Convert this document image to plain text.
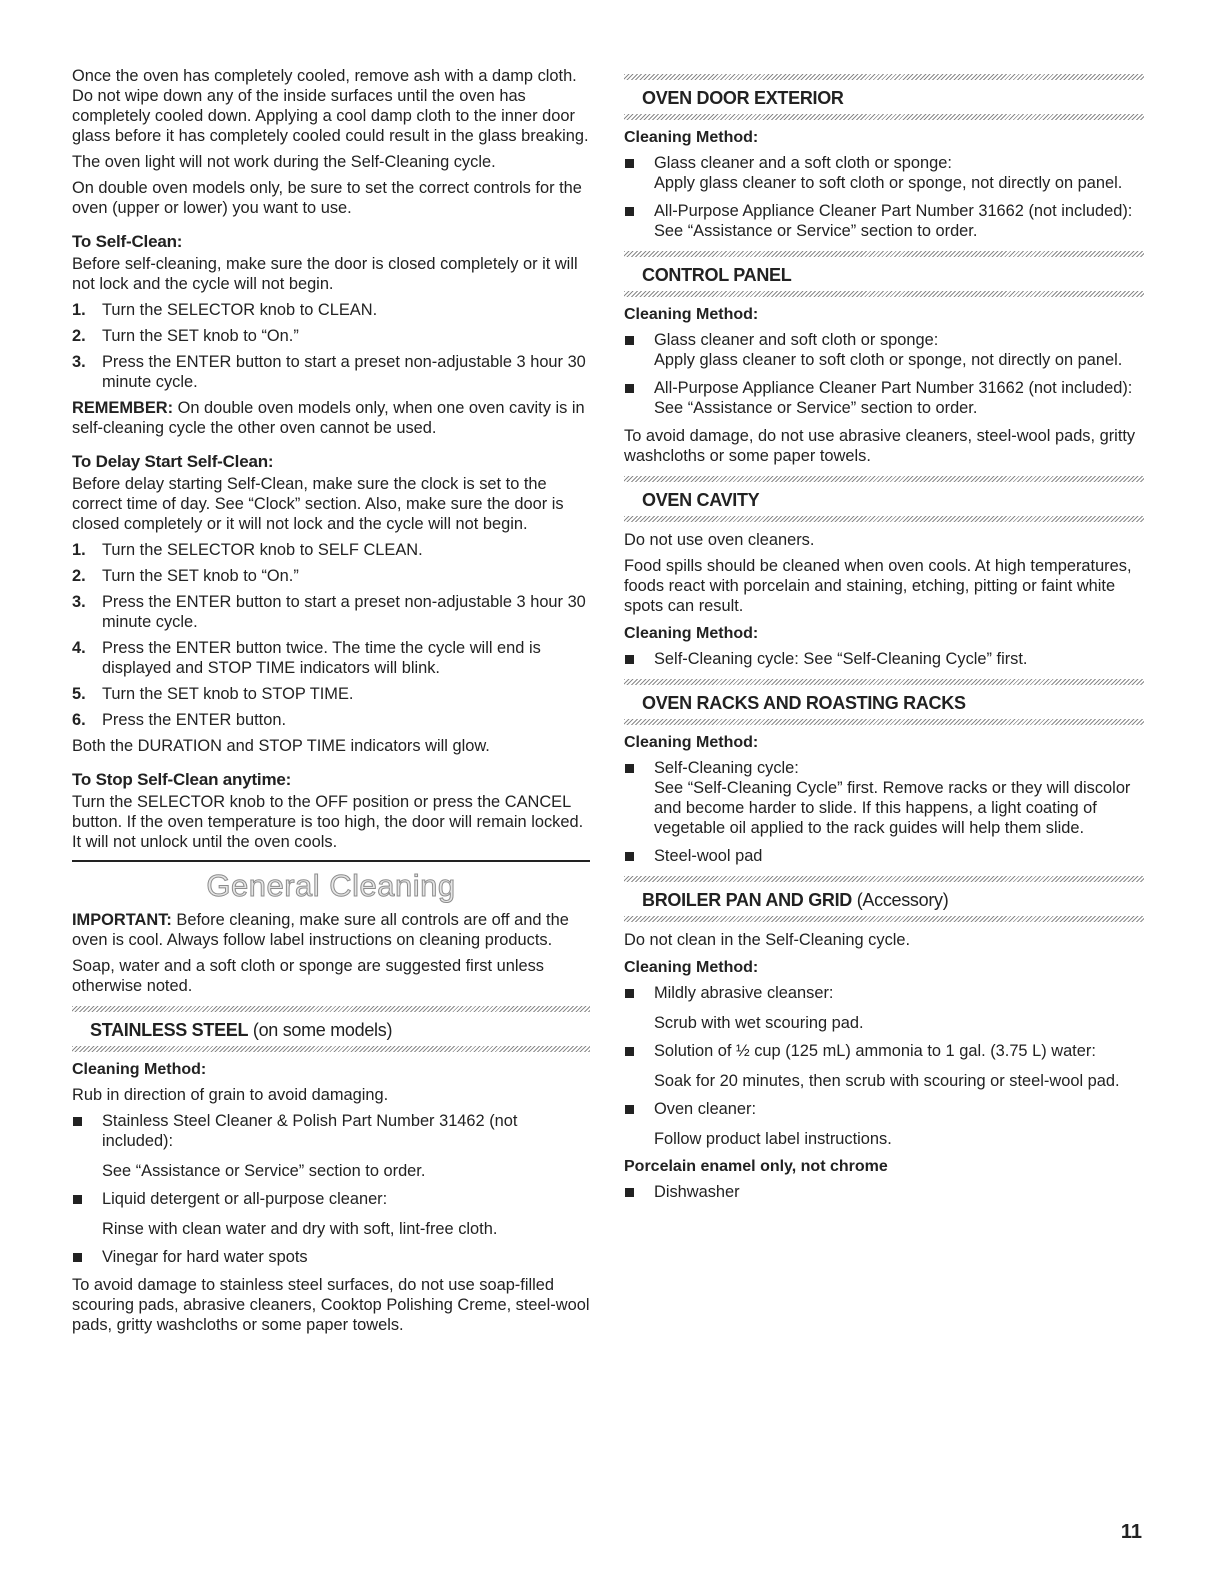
Once the oven has completely cooled, remove ash with a damp cloth. Do not wipe down any of the inside surfaces until the oven has completely cooled down. Applying a cool damp cloth to the inner door glass before it has completely cooled could result in the glass breaking.

The oven light will not work during the Self-Cleaning cycle.

On double oven models only, be sure to set the correct controls for the oven (upper or lower) you want to use.

To Self-Clean:

Before self-cleaning, make sure the door is closed completely or it will not lock and the cycle will not begin.

1. Turn the SELECTOR knob to CLEAN.
2. Turn the SET knob to “On.”
3. Press the ENTER button to start a preset non-adjustable 3 hour 30 minute cycle.

REMEMBER: On double oven models only, when one oven cavity is in self-cleaning cycle the other oven cannot be used.

To Delay Start Self-Clean:

Before delay starting Self-Clean, make sure the clock is set to the correct time of day. See “Clock” section. Also, make sure the door is closed completely or it will not lock and the cycle will not begin.

1. Turn the SELECTOR knob to SELF CLEAN.
2. Turn the SET knob to “On.”
3. Press the ENTER button to start a preset non-adjustable 3 hour 30 minute cycle.
4. Press the ENTER button twice. The time the cycle will end is displayed and STOP TIME indicators will blink.
5. Turn the SET knob to STOP TIME.
6. Press the ENTER button.

Both the DURATION and STOP TIME indicators will glow.

To Stop Self-Clean anytime:

Turn the SELECTOR knob to the OFF position or press the CANCEL button. If the oven temperature is too high, the door will remain locked. It will not unlock until the oven cools.

General Cleaning

IMPORTANT: Before cleaning, make sure all controls are off and the oven is cool. Always follow label instructions on cleaning products.

Soap, water and a soft cloth or sponge are suggested first unless otherwise noted.

STAINLESS STEEL (on some models)
Cleaning Method:

Rub in direction of grain to avoid damaging.

Stainless Steel Cleaner & Polish Part Number 31462 (not included):
See “Assistance or Service” section to order.
Liquid detergent or all-purpose cleaner:
Rinse with clean water and dry with soft, lint-free cloth.
Vinegar for hard water spots

To avoid damage to stainless steel surfaces, do not use soap-filled scouring pads, abrasive cleaners, Cooktop Polishing Creme, steel-wool pads, gritty washcloths or some paper towels.

OVEN DOOR EXTERIOR
Cleaning Method:
Glass cleaner and a soft cloth or sponge:
Apply glass cleaner to soft cloth or sponge, not directly on panel.
All-Purpose Appliance Cleaner Part Number 31662 (not included):
See “Assistance or Service” section to order.
CONTROL PANEL
Cleaning Method:
Glass cleaner and soft cloth or sponge:
Apply glass cleaner to soft cloth or sponge, not directly on panel.
All-Purpose Appliance Cleaner Part Number 31662 (not included):
See “Assistance or Service” section to order.

To avoid damage, do not use abrasive cleaners, steel-wool pads, gritty washcloths or some paper towels.

OVEN CAVITY

Do not use oven cleaners.

Food spills should be cleaned when oven cools. At high temperatures, foods react with porcelain and staining, etching, pitting or faint white spots can result.

Cleaning Method:
Self-Cleaning cycle: See “Self-Cleaning Cycle” first.
OVEN RACKS AND ROASTING RACKS
Cleaning Method:
Self-Cleaning cycle:
See “Self-Cleaning Cycle” first. Remove racks or they will discolor and become harder to slide. If this happens, a light coating of vegetable oil applied to the rack guides will help them slide.
Steel-wool pad
BROILER PAN AND GRID (Accessory)

Do not clean in the Self-Cleaning cycle.

Cleaning Method:
Mildly abrasive cleanser:
Scrub with wet scouring pad.
Solution of ½ cup (125 mL) ammonia to 1 gal. (3.75 L) water:
Soak for 20 minutes, then scrub with scouring or steel-wool pad.
Oven cleaner:
Follow product label instructions.
Porcelain enamel only, not chrome
Dishwasher
11
